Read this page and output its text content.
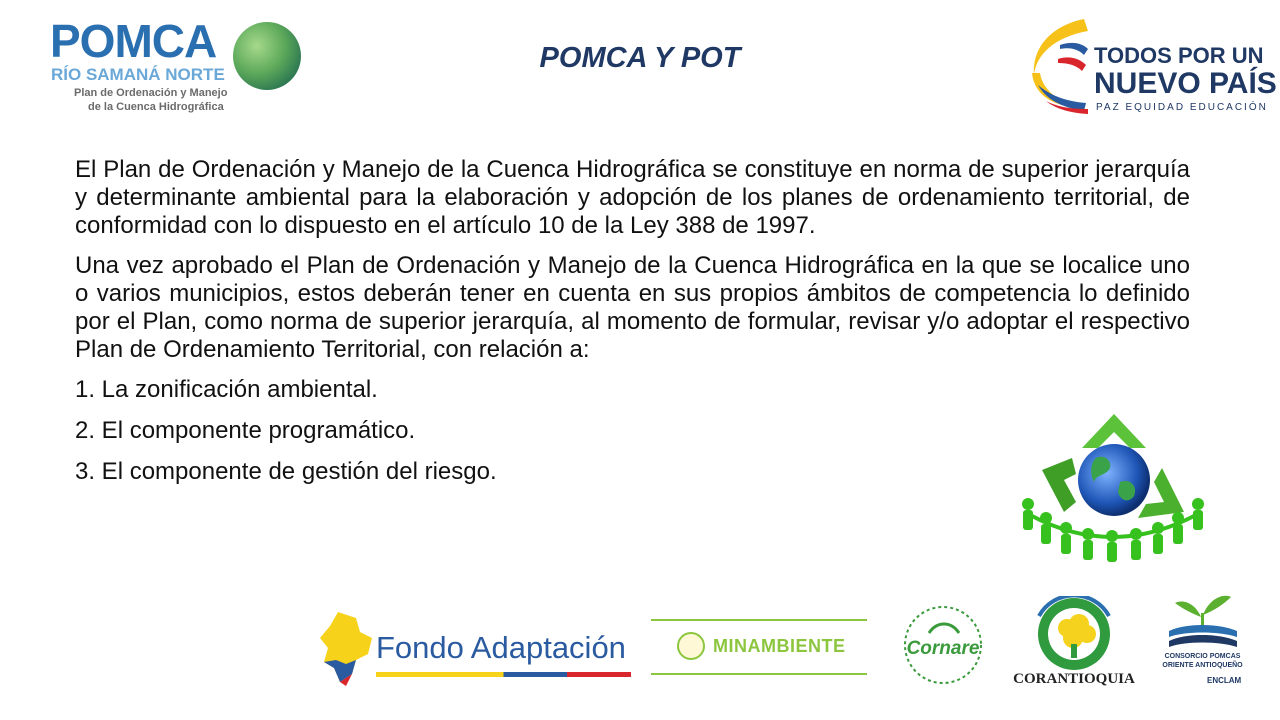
POMCA
RÍO SAMANÁ NORTE
Plan de Ordenación y Manejo
de la Cuenca Hidrográfica
POMCA Y POT	TODOS POR UN
NUEVO PAÍS
PAZ EQUIDAD EDUCACIÓN

El Plan de Ordenación y Manejo de la Cuenca Hidrográfica se constituye en norma de superior jerarquía y determinante ambiental para la elaboración y adopción de los planes de ordenamiento territorial, de conformidad con lo dispuesto en el artículo 10 de la Ley 388 de 1997.

Una vez aprobado el Plan de Ordenación y Manejo de la Cuenca Hidrográfica en la que se localice uno o varios municipios, estos deberán tener en cuenta en sus propios ámbitos de competencia lo definido por el Plan, como norma de superior jerarquía, al momento de formular, revisar y/o adoptar el respectivo Plan de Ordenamiento Territorial, con relación a:

1. La zonificación ambiental.
2. El componente programático.
3. El componente de gestión del riesgo.
Fondo Adaptación	MINAMBIENTE	Cornare
CORANTIOQUIA
CONSORCIO POMCAS
ORIENTE ANTIOQUEÑO
ENCLAM
